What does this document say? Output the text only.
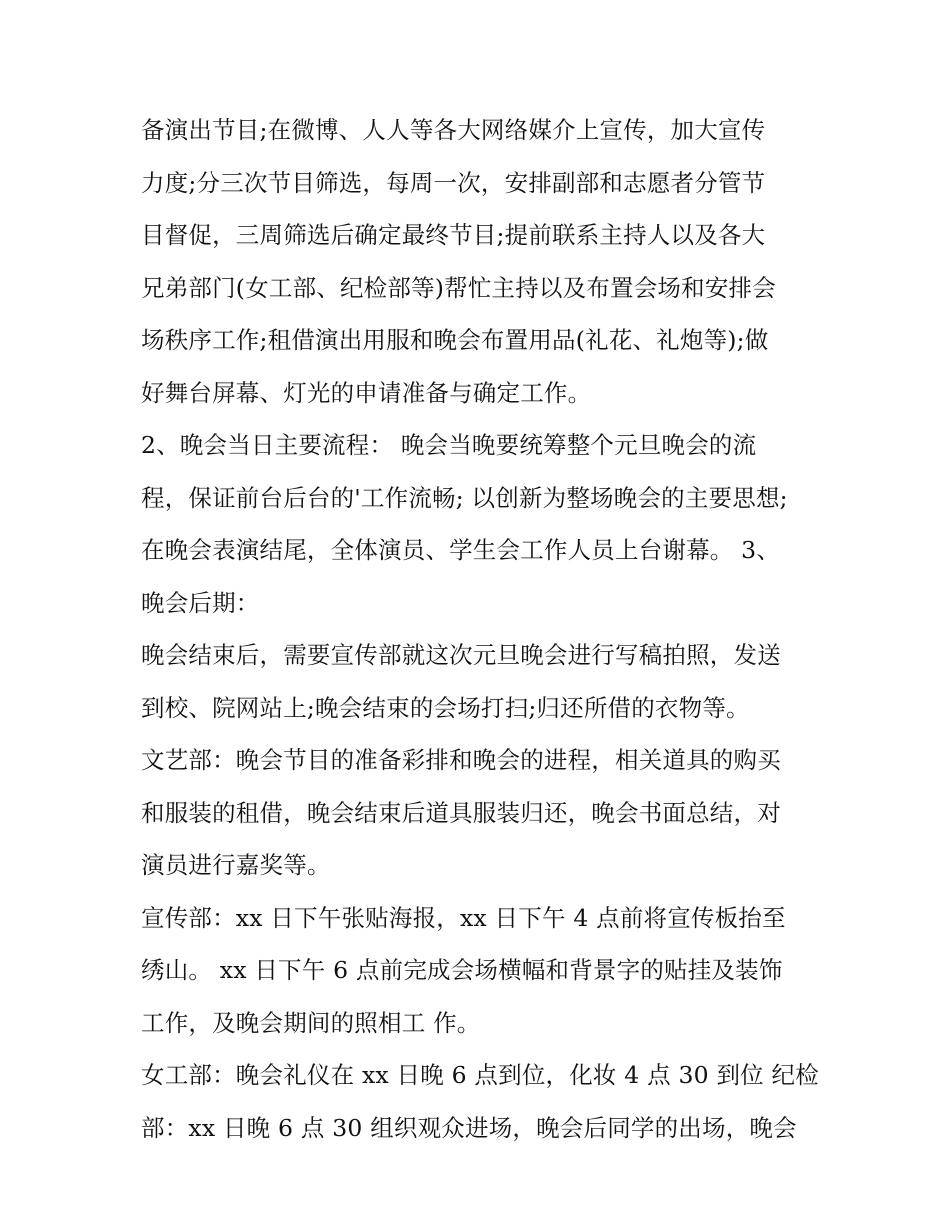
备演出节目;在微博、人人等各大网络媒介上宣传，加大宣传
力度;分三次节目筛选，每周一次，安排副部和志愿者分管节
目督促，三周筛选后确定最终节目;提前联系主持人以及各大
兄弟部门(女工部、纪检部等)帮忙主持以及布置会场和安排会
场秩序工作;租借演出用服和晚会布置用品(礼花、礼炮等);做
好舞台屏幕、灯光的申请准备与确定工作。
2、晚会当日主要流程： 晚会当晚要统筹整个元旦晚会的流
程，保证前台后台的'工作流畅; 以创新为整场晚会的主要思想;
在晚会表演结尾，全体演员、学生会工作人员上台谢幕。 3、
晚会后期：
晚会结束后，需要宣传部就这次元旦晚会进行写稿拍照，发送
到校、院网站上;晚会结束的会场打扫;归还所借的衣物等。
文艺部：晚会节目的准备彩排和晚会的进程，相关道具的购买
和服装的租借，晚会结束后道具服装归还，晚会书面总结，对
演员进行嘉奖等。
宣传部：xx 日下午张贴海报，xx 日下午 4 点前将宣传板抬至
绣山。 xx 日下午 6 点前完成会场横幅和背景字的贴挂及装饰
工作，及晚会期间的照相工 作。
女工部：晚会礼仪在 xx 日晚 6 点到位，化妆 4 点 30 到位 纪检
部：xx 日晚 6 点 30 组织观众进场，晚会后同学的出场，晚会
